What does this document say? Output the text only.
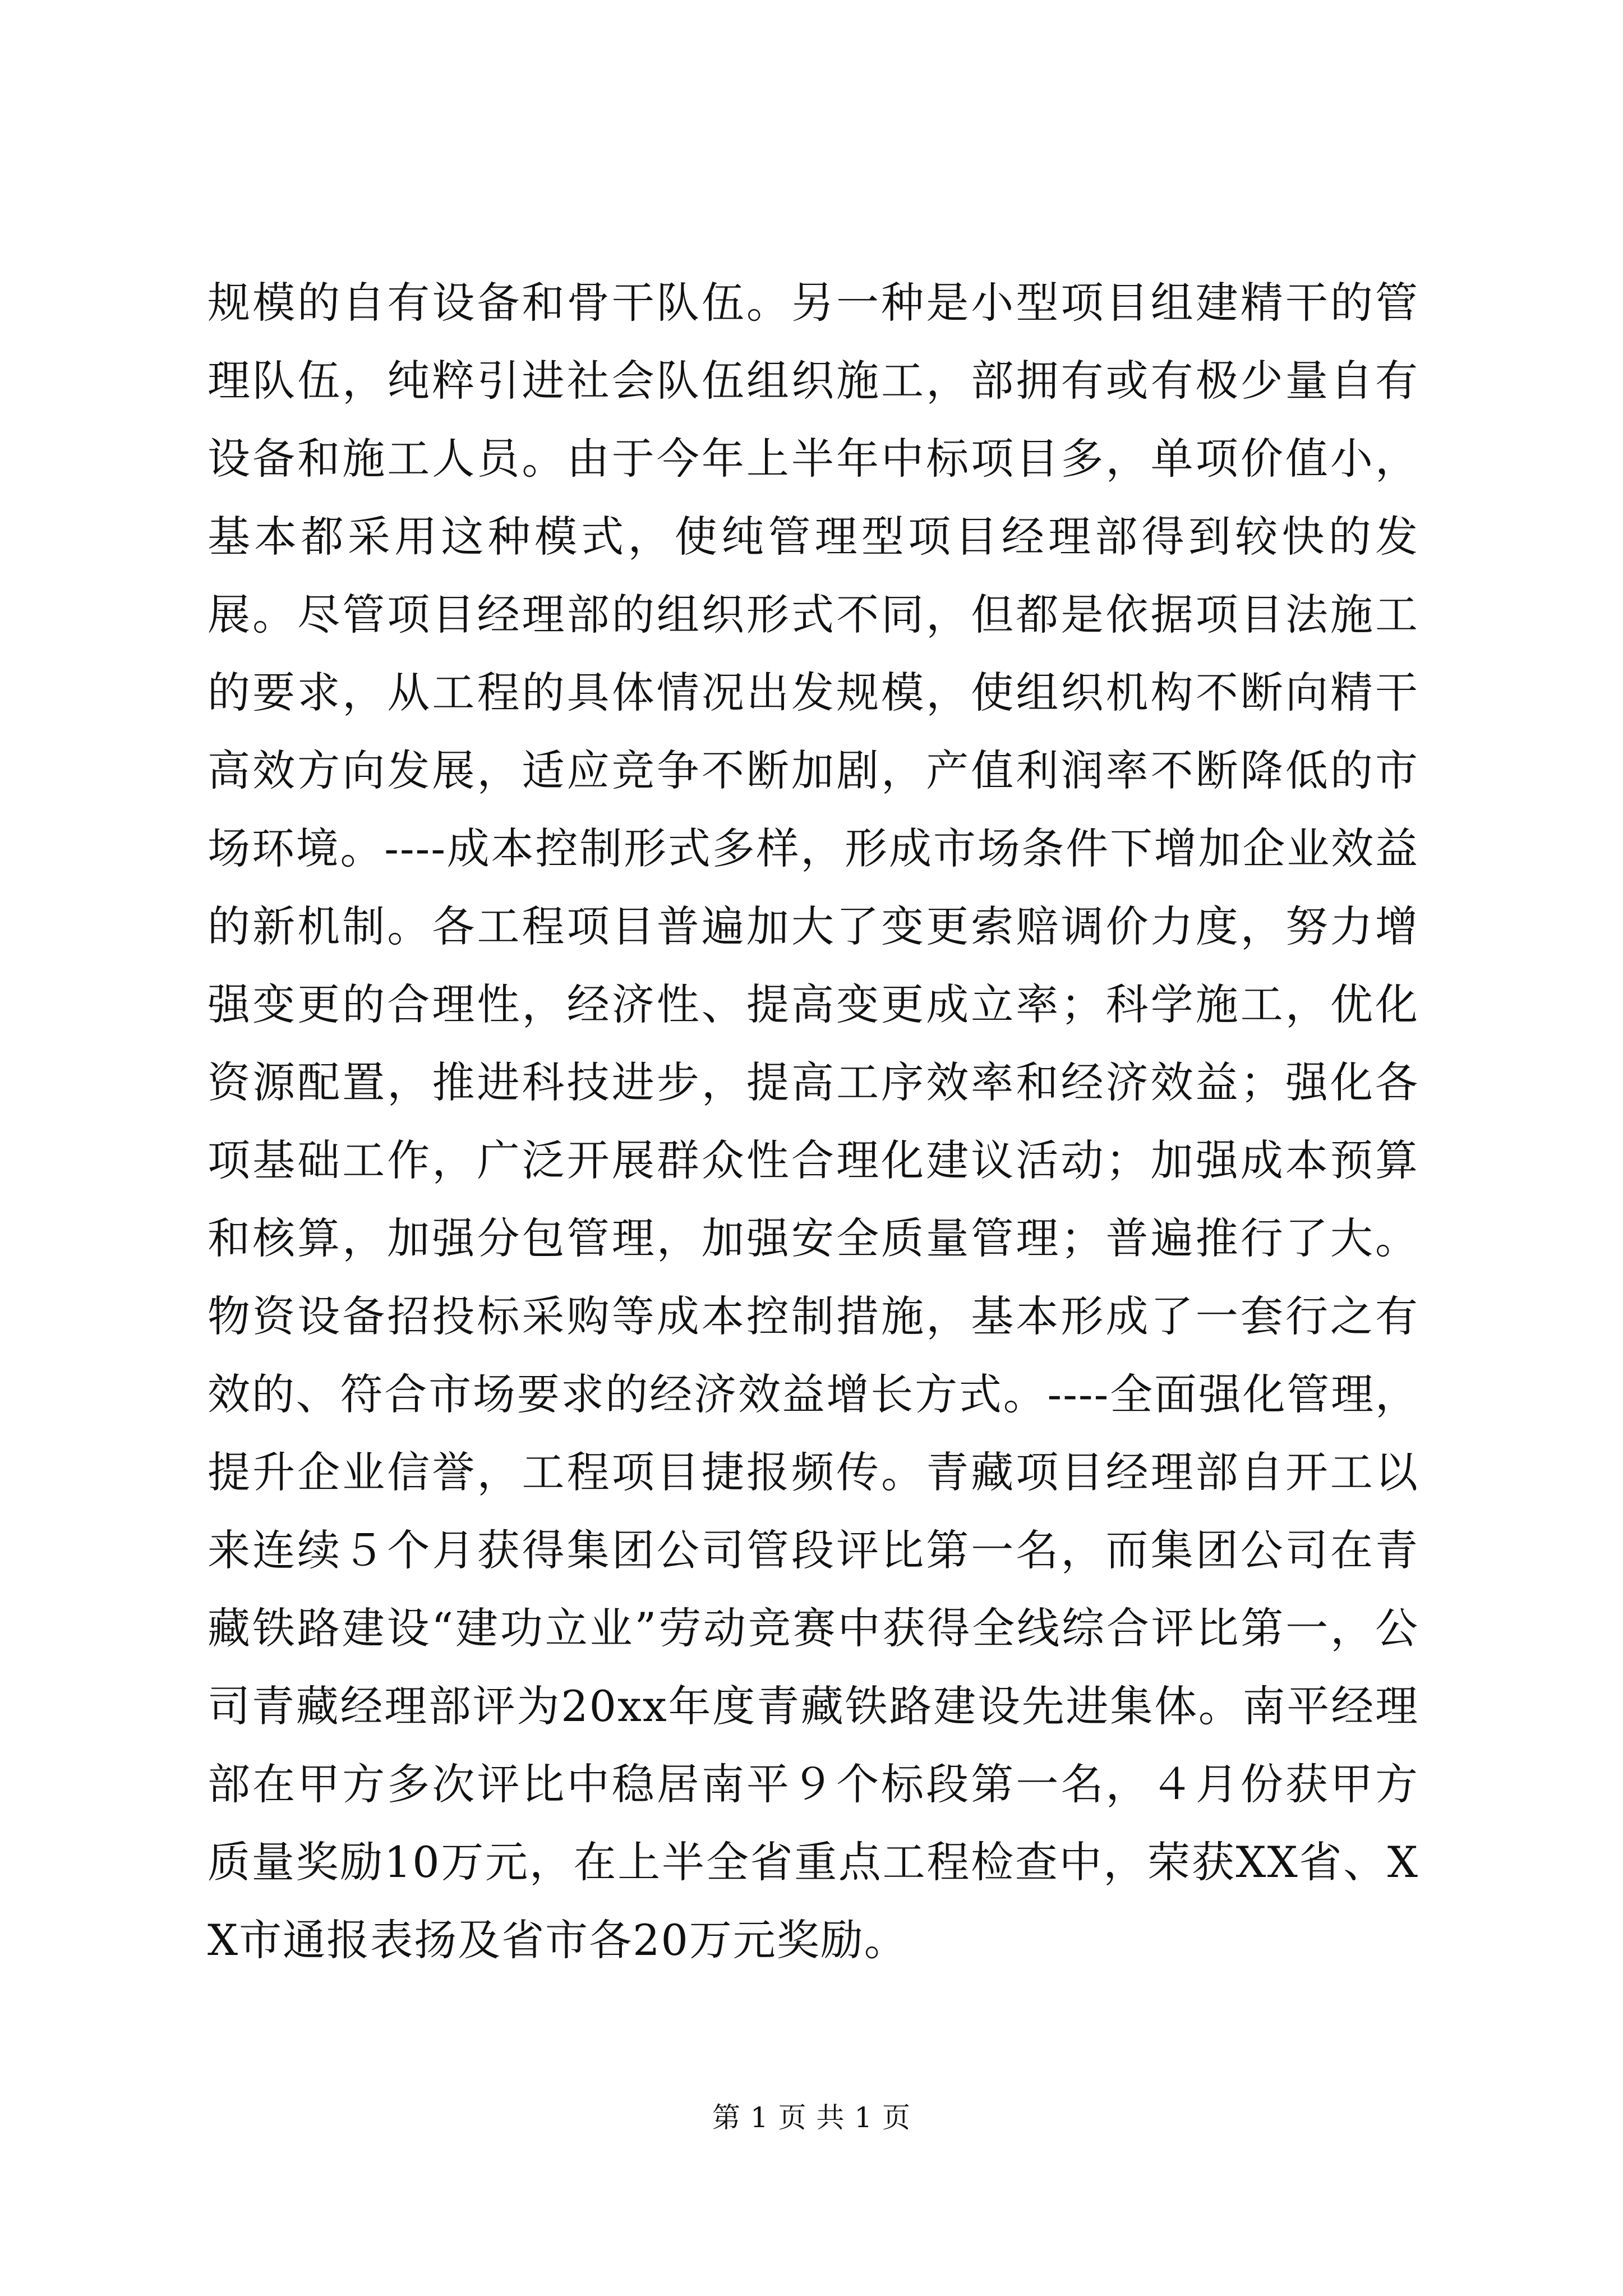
规模的自有设备和骨干队伍。另一种是小型项目组建精干的管理队伍，纯粹引进社会队伍组织施工，部拥有或有极少量自有设备和施工人员。由于今年上半年中标项目多，单项价值小，基本都采用这种模式，使纯管理型项目经理部得到较快的发展。尽管项目经理部的组织形式不同，但都是依据项目法施工的要求，从工程的具体情况出发规模，使组织机构不断向精干高效方向发展，适应竞争不断加剧，产值利润率不断降低的市场环境。----成本控制形式多样，形成市场条件下增加企业效益的新机制。各工程项目普遍加大了变更索赔调价力度，努力增强变更的合理性，经济性、提高变更成立率；科学施工，优化资源配置，推进科技进步，提高工序效率和经济效益；强化各项基础工作，广泛开展群众性合理化建议活动；加强成本预算和核算，加强分包管理，加强安全质量管理；普遍推行了大。物资设备招投标采购等成本控制措施，基本形成了一套行之有效的、符合市场要求的经济效益增长方式。----全面强化管理，提升企业信誉，工程项目捷报频传。青藏项目经理部自开工以来连续５个月获得集团公司管段评比第一名，而集团公司在青藏铁路建设“建功立业”劳动竞赛中获得全线综合评比第一，公司青藏经理部评为20xx年度青藏铁路建设先进集体。南平经理部在甲方多次评比中稳居南平９个标段第一名，４月份获甲方质量奖励10万元，在上半全省重点工程检查中，荣获XX省、XX市通报表扬及省市各20万元奖励。

第 1 页 共 1 页
